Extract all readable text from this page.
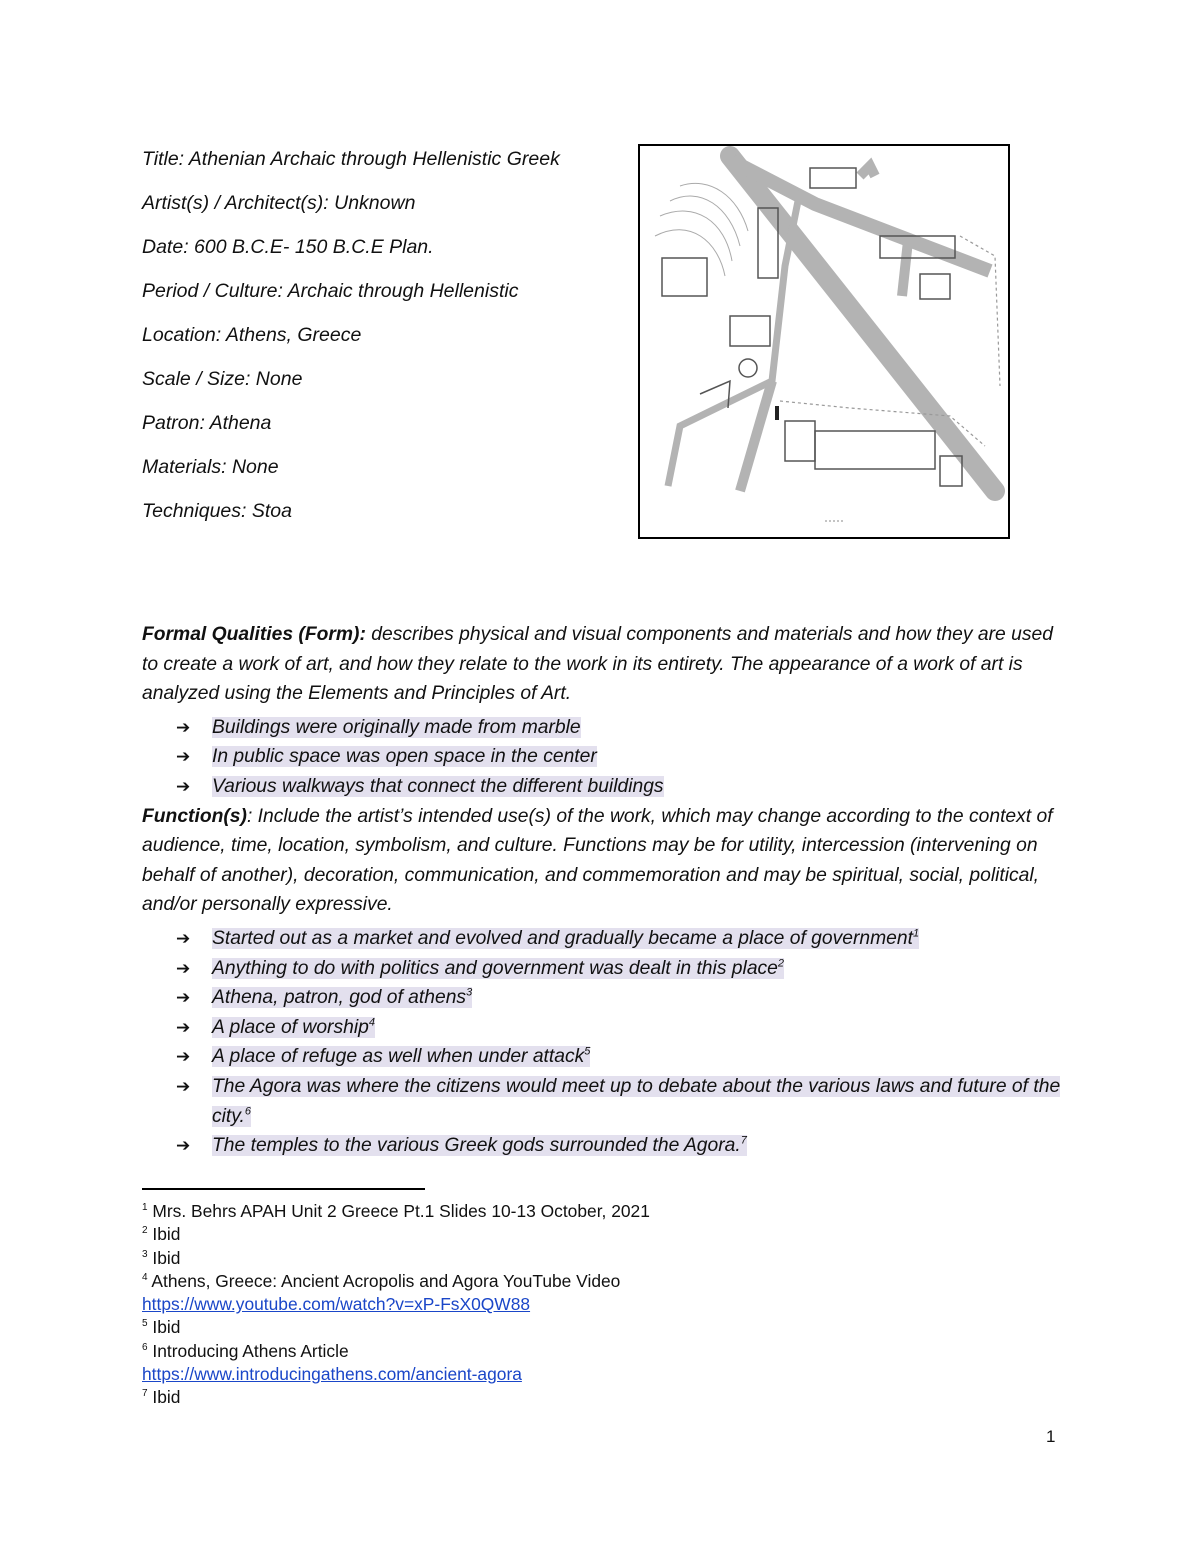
Title: Athenian Archaic through Hellenistic Greek
Artist(s) / Architect(s): Unknown
Date: 600 B.C.E- 150 B.C.E Plan.
Period / Culture: Archaic through Hellenistic
Location: Athens, Greece
Scale / Size: None
Patron: Athena
Materials: None
Techniques: Stoa

Formal Qualities (Form): describes physical and visual components and materials and how they are used to create a work of art, and how they relate to the work in its entirety. The appearance of a work of art is analyzed using the Elements and Principles of Art.

➔ Buildings were originally made from marble
➔ In public space was open space in the center
➔ Various walkways that connect the different buildings

Function(s): Include the artist’s intended use(s) of the work, which may change according to the context of audience, time, location, symbolism, and culture. Functions may be for utility, intercession (intervening on behalf of another), decoration, communication, and commemoration and may be spiritual, social, political, and/or personally expressive.

➔ Started out as a market and evolved and gradually became a place of government$^1$
➔ Anything to do with politics and government was dealt in this place$^2$
➔ Athena, patron, god of athens$^3$
➔ A place of worship$^4$
➔ A place of refuge as well when under attack$^5$
➔ The Agora was where the citizens would meet up to debate about the various laws and future of the city.$^6$
➔ The temples to the various Greek gods surrounded the Agora.$^7$
$^1$ Mrs. Behrs APAH Unit 2 Greece Pt.1 Slides 10-13 October, 2021
$^2$ Ibid
$^3$ Ibid
$^4$ Athens, Greece: Ancient Acropolis and Agora YouTube Video
https://www.youtube.com/watch?v=xP-FsX0QW88
$^5$ Ibid
$^6$ Introducing Athens Article
https://www.introducingathens.com/ancient-agora
$^7$ Ibid
1
